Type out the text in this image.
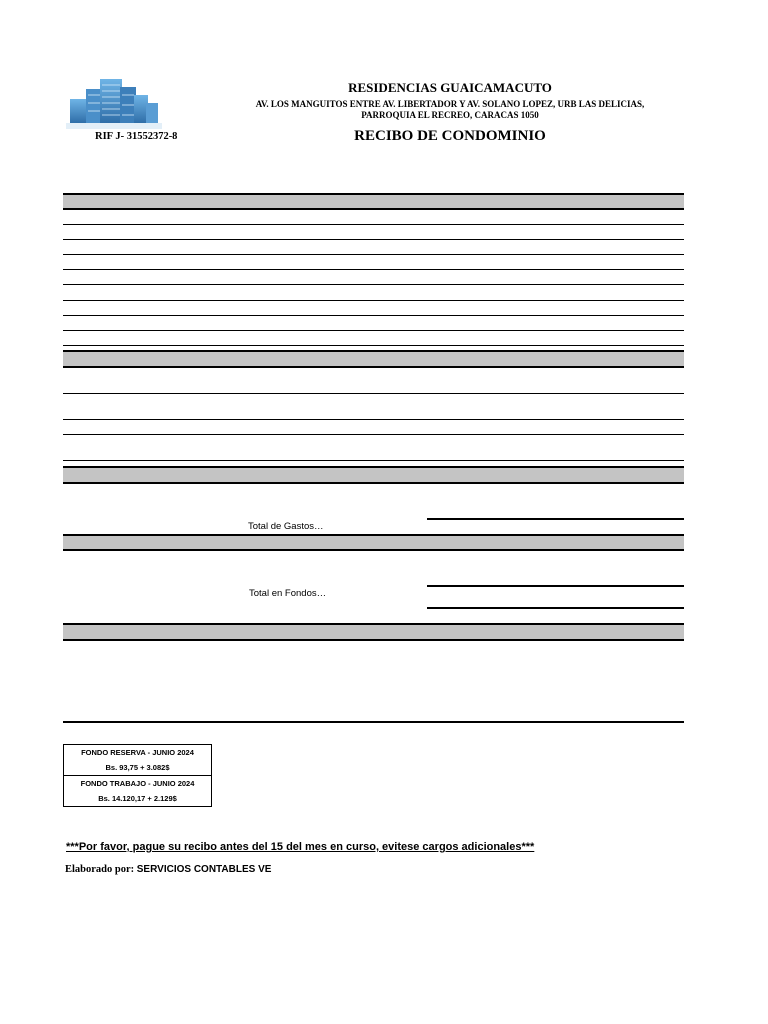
RESIDENCIAS GUAICAMACUTO
AV. LOS MANGUITOS ENTRE AV. LIBERTADOR Y AV. SOLANO LOPEZ, URB LAS DELICIAS,
PARROQUIA EL RECREO, CARACAS 1050
RECIBO DE CONDOMINIO
RIF J- 31552372-8
Total de Gastos…
Total en Fondos…
FONDO RESERVA - JUNIO 2024
Bs. 93,75 + 3.082$
FONDO TRABAJO - JUNIO 2024
Bs. 14.120,17 + 2.129$
***Por favor, pague su recibo antes del 15 del mes en curso, evitese cargos adicionales***
Elaborado por: SERVICIOS CONTABLES VE
